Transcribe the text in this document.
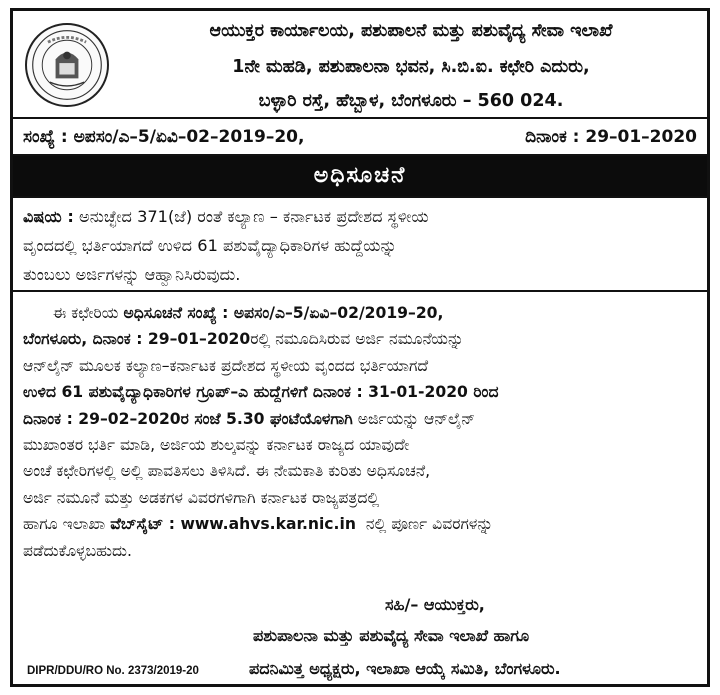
ಆಯುಕ್ತರ ಕಾರ್ಯಾಲಯ, ಪಶುಪಾಲನೆ ಮತ್ತು ಪಶುವೈದ್ಯ ಸೇವಾ ಇಲಾಖೆ
1ನೇ ಮಹಡಿ, ಪಶುಪಾಲನಾ ಭವನ, ಸಿ.ಬಿ.ಐ. ಕಛೇರಿ ಎದುರು,
ಬಳ್ಳಾರಿ ರಸ್ತೆ, ಹೆಬ್ಬಾಳ, ಬೆಂಗಳೂರು – 560 024.
ಸಂಖ್ಯೆ : ಅಪಸಂ/ಎ–5/ಏವಿ–02–2019–20,	ದಿನಾಂಕ : 29–01–2020
ಅಧಿಸೂಚನೆ

ವಿಷಯ : ಅನುಚ್ಛೇದ 371(ಜೆ) ರಂತೆ ಕಲ್ಯಾಣ – ಕರ್ನಾಟಕ ಪ್ರದೇಶದ ಸ್ಥಳೀಯ

ವೃಂದದಲ್ಲಿ ಭರ್ತಿಯಾಗದೆ ಉಳಿದ 61 ಪಶುವೈದ್ಯಾಧಿಕಾರಿಗಳ ಹುದ್ದೆಯನ್ನು

ತುಂಬಲು ಅರ್ಜಿಗಳನ್ನು ಆಹ್ವಾನಿಸಿರುವುದು.

ಈ ಕಛೇರಿಯ ಅಧಿಸೂಚನೆ ಸಂಖ್ಯೆ : ಅಪಸಂ/ಎ–5/ಏವಿ–02/2019–20,

ಬೆಂಗಳೂರು, ದಿನಾಂಕ : 29–01–2020ರಲ್ಲಿ ನಮೂದಿಸಿರುವ ಅರ್ಜಿ ನಮೂನೆಯನ್ನು

ಆನ್‌ಲೈನ್ ಮೂಲಕ ಕಲ್ಯಾಣ–ಕರ್ನಾಟಕ ಪ್ರದೇಶದ ಸ್ಥಳೀಯ ವೃಂದದ ಭರ್ತಿಯಾಗದೆ

ಉಳಿದ 61 ಪಶುವೈದ್ಯಾಧಿಕಾರಿಗಳ ಗ್ರೂಪ್–ಎ ಹುದ್ದೆಗಳಿಗೆ ದಿನಾಂಕ : 31-01-2020 ರಿಂದ

ದಿನಾಂಕ : 29–02–2020ರ ಸಂಜೆ 5.30 ಘಂಟೆಯೊಳಗಾಗಿ ಅರ್ಜಿಯನ್ನು ಆನ್‌ಲೈನ್

ಮುಖಾಂತರ ಭರ್ತಿ ಮಾಡಿ, ಅರ್ಜಿಯ ಶುಲ್ಕವನ್ನು ಕರ್ನಾಟಕ ರಾಜ್ಯದ ಯಾವುದೇ

ಅಂಚೆ ಕಛೇರಿಗಳಲ್ಲಿ ಅಲ್ಲಿ ಪಾವತಿಸಲು ತಿಳಿಸಿದೆ. ಈ ನೇಮಕಾತಿ ಕುರಿತು ಅಧಿಸೂಚನೆ,

ಅರ್ಜಿ ನಮೂನೆ ಮತ್ತು ಅಡಕಗಳ ವಿವರಗಳಿಗಾಗಿ ಕರ್ನಾಟಕ ರಾಜ್ಯಪತ್ರದಲ್ಲಿ

ಹಾಗೂ ಇಲಾಖಾ ವೆಬ್‌ಸೈಟ್ : www.ahvs.kar.nic.in  ನಲ್ಲಿ ಪೂರ್ಣ ವಿವರಗಳನ್ನು

ಪಡೆದುಕೊಳ್ಳಬಹುದು.

ಸಹಿ/– ಆಯುಕ್ತರು,
ಪಶುಪಾಲನಾ ಮತ್ತು ಪಶುವೈದ್ಯ ಸೇವಾ ಇಲಾಖೆ ಹಾಗೂ
ಪದನಿಮಿತ್ತ ಅಧ್ಯಕ್ಷರು, ಇಲಾಖಾ ಆಯ್ಕೆ ಸಮಿತಿ, ಬೆಂಗಳೂರು.
DIPR/DDU/RO No. 2373/2019-20
